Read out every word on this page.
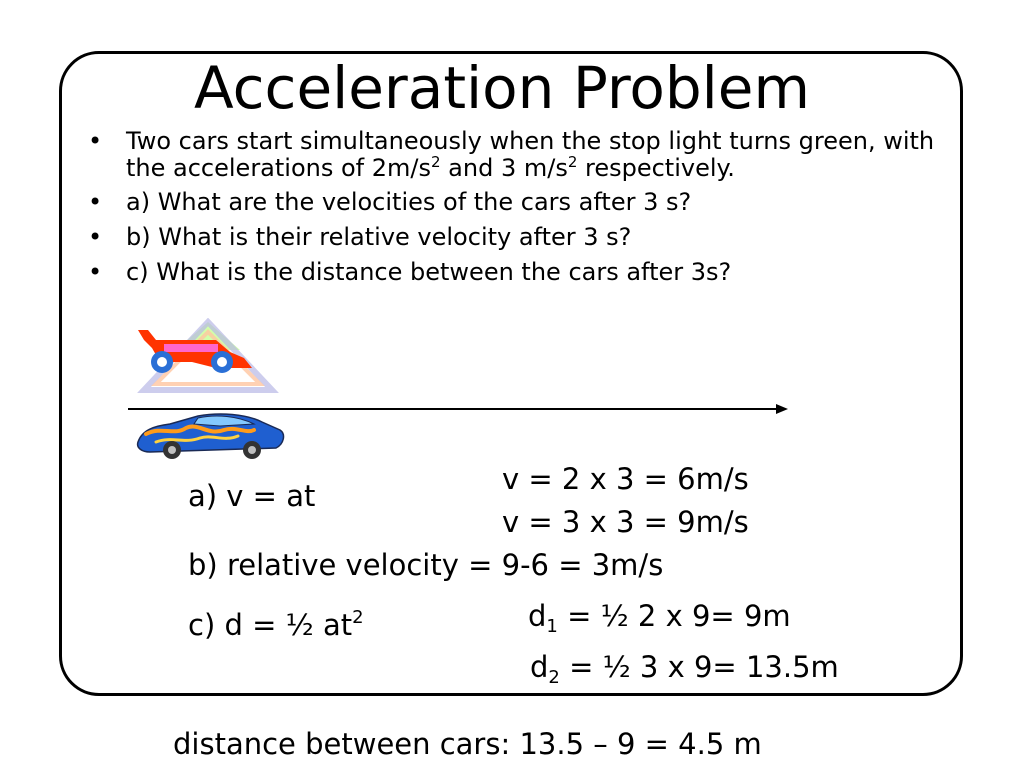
Acceleration Problem
• Two cars start simultaneously when the stop light turns green, with the accelerations of $2m/s^2$ and 3 $m/s^2$ respectively.
• a) What are the velocities of the cars after 3 s?
• b) What is their relative velocity after 3 s?
• c) What is the distance between the cars after 3s?
a) v = at	v = 2 x 3 = 6m/s
v = 3 x 3 = 9m/s
b) relative velocity = 9-6 = 3m/s
c) d = ½ $at^2$	$d_1$ = ½ 2 x 9= 9m
$d_2$ = ½ 3 x 9= 13.5m
distance between cars: 13.5 – 9 = 4.5 m
